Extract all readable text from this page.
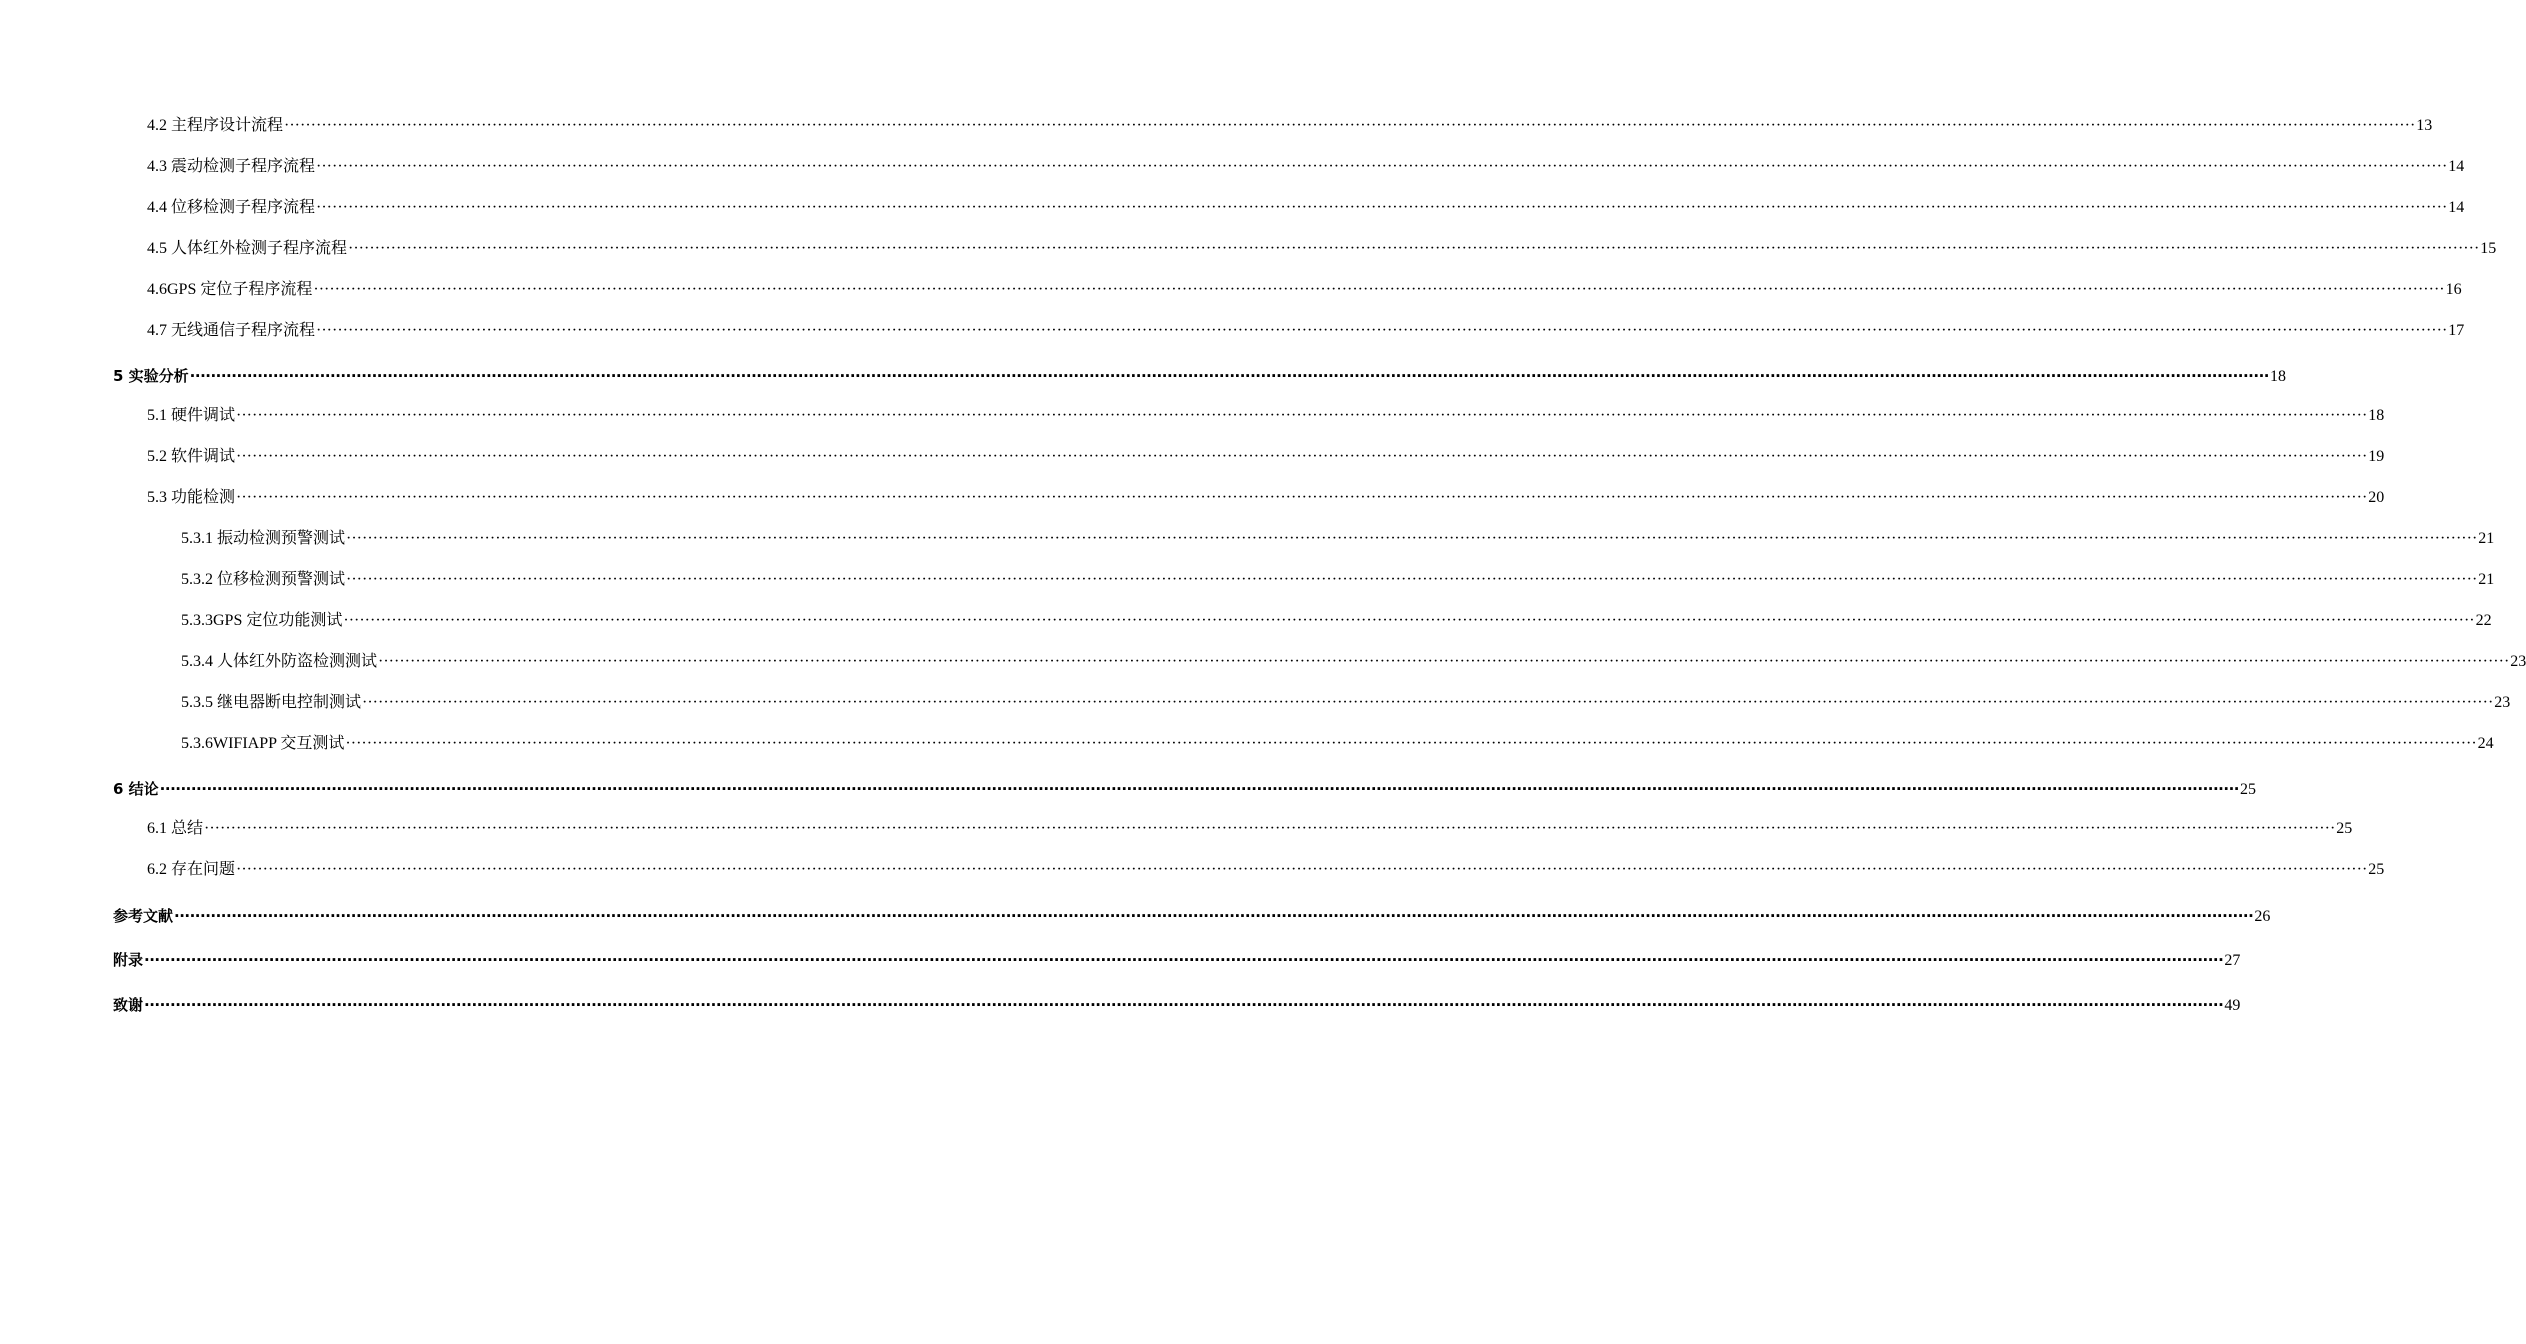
4.2 主程序设计流程 ················································································································································································································································································································································································································ 13
4.3 震动检测子程序流程 ················································································································································································································································································································································································································ 14
4.4 位移检测子程序流程 ················································································································································································································································································································································································································ 14
4.5 人体红外检测子程序流程 ················································································································································································································································································································································································································ 15
4.6GPS 定位子程序流程 ················································································································································································································································································································································································································ 16
4.7 无线通信子程序流程 ················································································································································································································································································································································································································ 17
5 实验分析 ················································································································································································································································································································································································································ 18
5.1 硬件调试 ················································································································································································································································································································································································································ 18
5.2 软件调试 ················································································································································································································································································································································································································ 19
5.3 功能检测 ················································································································································································································································································································································································································ 20
5.3.1 振动检测预警测试 ················································································································································································································································································································································································································ 21
5.3.2 位移检测预警测试 ················································································································································································································································································································································································································ 21
5.3.3GPS 定位功能测试 ················································································································································································································································································································································································································ 22
5.3.4 人体红外防盗检测测试 ················································································································································································································································································································································································································ 23
5.3.5 继电器断电控制测试 ················································································································································································································································································································································································································ 23
5.3.6WIFIAPP 交互测试 ················································································································································································································································································································································································································ 24
6 结论 ················································································································································································································································································································································································································ 25
6.1 总结 ················································································································································································································································································································································································································ 25
6.2 存在问题 ················································································································································································································································································································································································································ 25
参考文献 ················································································································································································································································································································································································································ 26
附录 ················································································································································································································································································································································································································ 27
致谢 ················································································································································································································································································································································································································ 49
